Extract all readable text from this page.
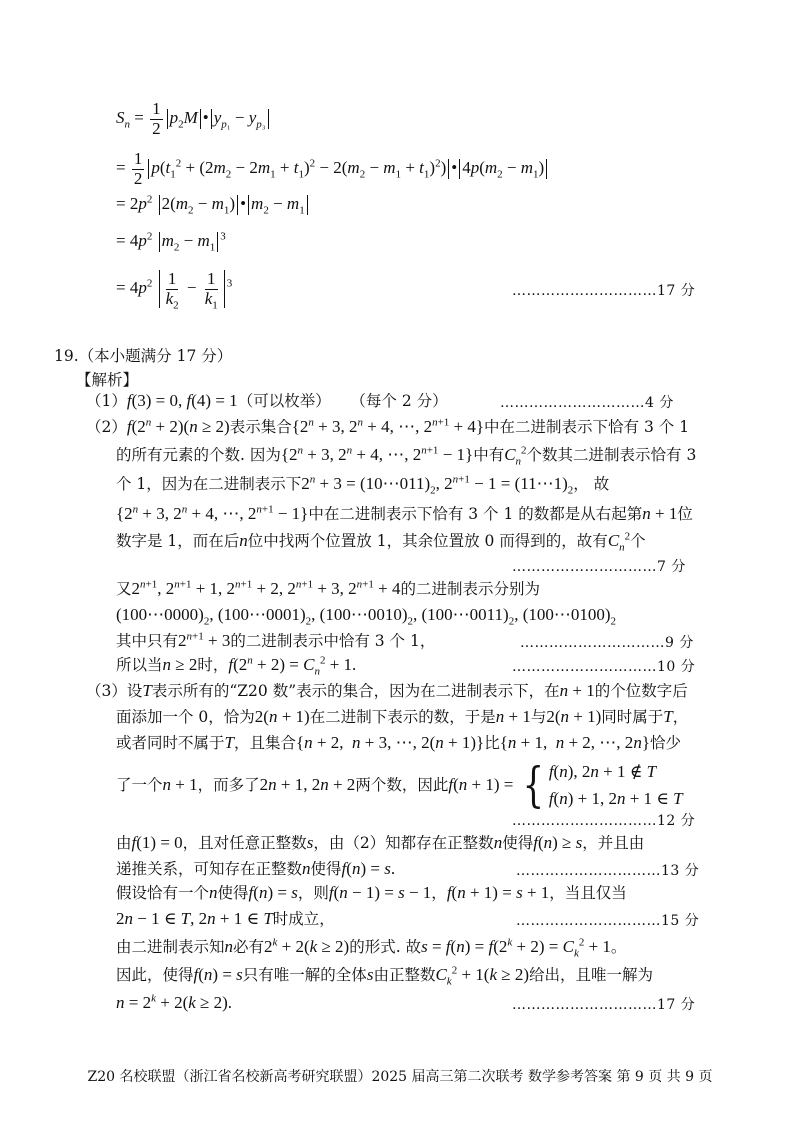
$S_n = \frac{1}{2} p_2M$ • $y_{p_1} - y_{p_3}$
= $\frac{1}{2} p(t_1^2 + (2m_2 - 2m_1 + t_1)^2 - 2(m_2 - m_1 + t_1)^2)$ • $4p(m_2 - m_1)$
= $2p^2$ $2(m_2 - m_1)$ • $m_2 - m_1$
= $4p^2$ $m_2 - m_1^3$
= $4p^2 \frac{1}{k_2} - \frac{1}{k_1} ^3$	…………………………17 分
19.（本小题满分 17 分）
【解析】
（1）f(3) = 0, f(4) = 1（可以枚举） （每个 2 分）	…………………………4 分
$(2)f(2^n + 2)(n \ge 2)$表示集合{$2^n + 3$, $2^n + 4$, ⋯, $2^{n+1} + 4$}中在二进制表示下恰有 3 个 1
的所有元素的个数. 因为{$2^n + 3$, $2^n + 4$, ⋯, $2^{n+1} - 1$}中有$C_n^2$个数其二进制表示恰有 3
个 1，因为在二进制表示下$2^n + 3$ = $(10\cdots 011)_2$, $2^{n+1} - 1$ = $(11\cdots 1)_2$， 故
{$2^n + 3$, $2^n + 4$, ⋯, $2^{n+1} - 1$}中在二进制表示下恰有 3 个 1 的数都是从右起第n + 1位
数字是 1，而在后n位中找两个位置放 1，其余位置放 0 而得到的，故有$C_n^2$个
…………………………7 分
又$2^{n+1}$, $2^{n+1} + 1$, $2^{n+1} + 2$, $2^{n+1} + 3$, $2^{n+1} + 4$的二进制表示分别为
$(100\cdots 0000)_2$, $(100\cdots 0001)_2$, $(100\cdots 0010)_2$, $(100\cdots 0011)_2$, $(100\cdots 0100)_2$
其中只有$2^{n+1} + 3$的二进制表示中恰有 3 个 1，	…………………………9 分
所以当n ≥ 2时，$f(2^n + 2) = C_n^2 + 1$.	…………………………10 分
（3）设T表示所有的“Z20 数”表示的集合，因为在二进制表示下，在n + 1的个位数字后
面添加一个 0，恰为2(n + 1)在二进制下表示的数，于是n + 1与2(n + 1)同时属于T，
或者同时不属于T，且集合{n + 2,  n + 3, ⋯, 2(n + 1)}比{n + 1,  n + 2, ⋯, 2n}恰少
了一个n + 1，而多了2n + 1, 2n + 2两个数，因此f(n + 1) = { f(n), 2n + 1 ∉ T
f(n) + 1, 2n + 1 ∈ T
…………………………12 分
由f(1) = 0，且对任意正整数s，由（2）知都存在正整数n使得f(n) ≥ s，并且由
递推关系，可知存在正整数n使得f(n) = s.	…………………………13 分
假设恰有一个n使得f(n) = s，则f(n − 1) = s − 1，f(n + 1) = s + 1，当且仅当
2n − 1 ∈ T, 2n + 1 ∈ T时成立，	…………………………15 分
由二进制表示知n必有$2^k + 2(k \ge 2)$的形式. 故$s = f(n) = f(2^k + 2) = C_k^2 + 1$。
因此，使得f(n) = s只有唯一解的全体s由正整数$C_k^2 + 1(k \ge 2)$给出，且唯一解为
$n = 2^k + 2(k \ge 2)$.	…………………………17 分
Z20 名校联盟（浙江省名校新高考研究联盟）2025 届高三第二次联考 数学参考答案 第 9 页 共 9 页
